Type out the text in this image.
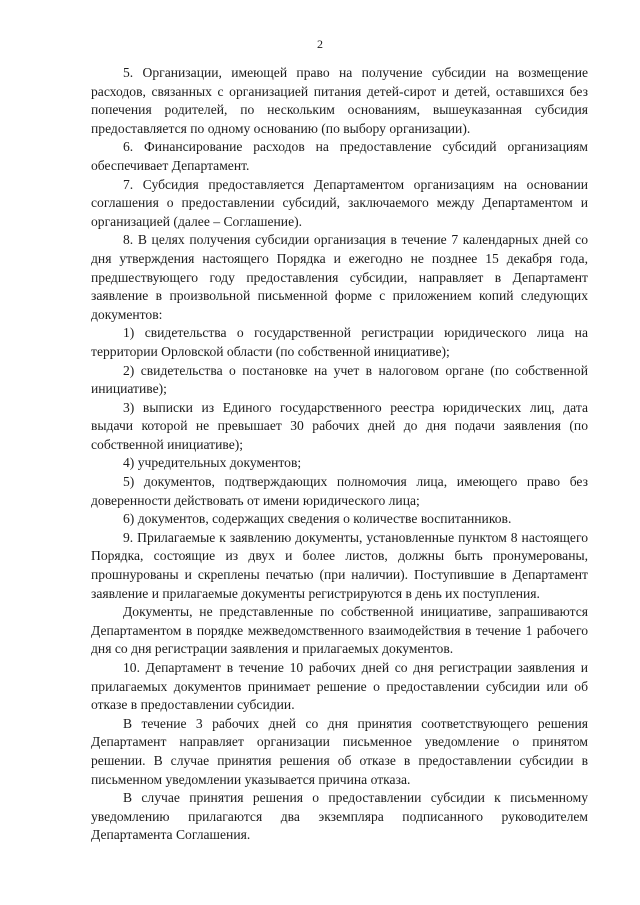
2

5. Организации, имеющей право на получение субсидии на возмещение расходов, связанных с организацией питания детей-сирот и детей, оставшихся без попечения родителей, по нескольким основаниям, вышеуказанная субсидия предоставляется по одному основанию (по выбору организации).

6. Финансирование расходов на предоставление субсидий организациям обеспечивает Департамент.

7. Субсидия предоставляется Департаментом организациям на основании соглашения о предоставлении субсидий, заключаемого между Департаментом и организацией (далее – Соглашение).

8. В целях получения субсидии организация в течение 7 календарных дней со дня утверждения настоящего Порядка и ежегодно не позднее 15 декабря года, предшествующего году предоставления субсидии, направляет в Департамент заявление в произвольной письменной форме с приложением копий следующих документов:

1) свидетельства о государственной регистрации юридического лица на территории Орловской области (по собственной инициативе);

2) свидетельства о постановке на учет в налоговом органе (по собственной инициативе);

3) выписки из Единого государственного реестра юридических лиц, дата выдачи которой не превышает 30 рабочих дней до дня подачи заявления (по собственной инициативе);

4) учредительных документов;

5) документов, подтверждающих полномочия лица, имеющего право без доверенности действовать от имени юридического лица;

6) документов, содержащих сведения о количестве воспитанников.

9. Прилагаемые к заявлению документы, установленные пунктом 8 настоящего Порядка, состоящие из двух и более листов, должны быть пронумерованы, прошнурованы и скреплены печатью (при наличии). Поступившие в Департамент заявление и прилагаемые документы регистрируются в день их поступления.

Документы, не представленные по собственной инициативе, запрашиваются Департаментом в порядке межведомственного взаимодействия в течение 1 рабочего дня со дня регистрации заявления и прилагаемых документов.

10. Департамент в течение 10 рабочих дней со дня регистрации заявления и прилагаемых документов принимает решение о предоставлении субсидии или об отказе в предоставлении субсидии.

В течение 3 рабочих дней со дня принятия соответствующего решения Департамент направляет организации письменное уведомление о принятом решении. В случае принятия решения об отказе в предоставлении субсидии в письменном уведомлении указывается причина отказа.

В случае принятия решения о предоставлении субсидии к письменному уведомлению прилагаются два экземпляра подписанного руководителем Департамента Соглашения.
